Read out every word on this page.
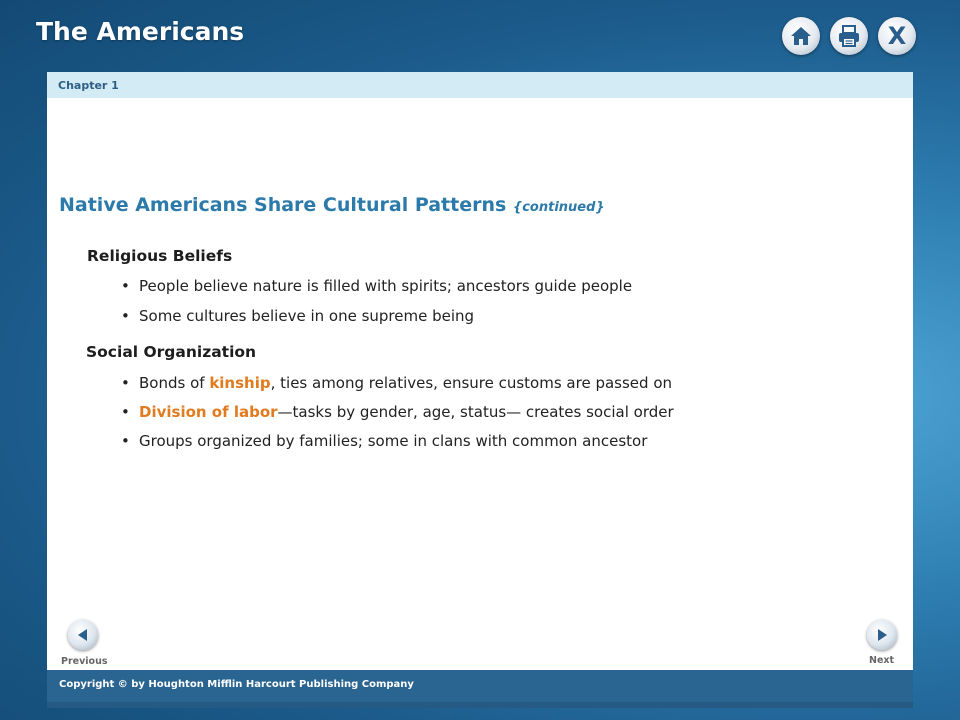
The Americans	X
Chapter 1
Native Americans Share Cultural Patterns {continued}
Religious Beliefs
• People believe nature is filled with spirits; ancestors guide people
• Some cultures believe in one supreme being
Social Organization
• Bonds of kinship, ties among relatives, ensure customs are passed on
• Division of labor—tasks by gender, age, status— creates social order
• Groups organized by families; some in clans with common ancestor
Previous	Next
Copyright © by Houghton Mifflin Harcourt Publishing Company
